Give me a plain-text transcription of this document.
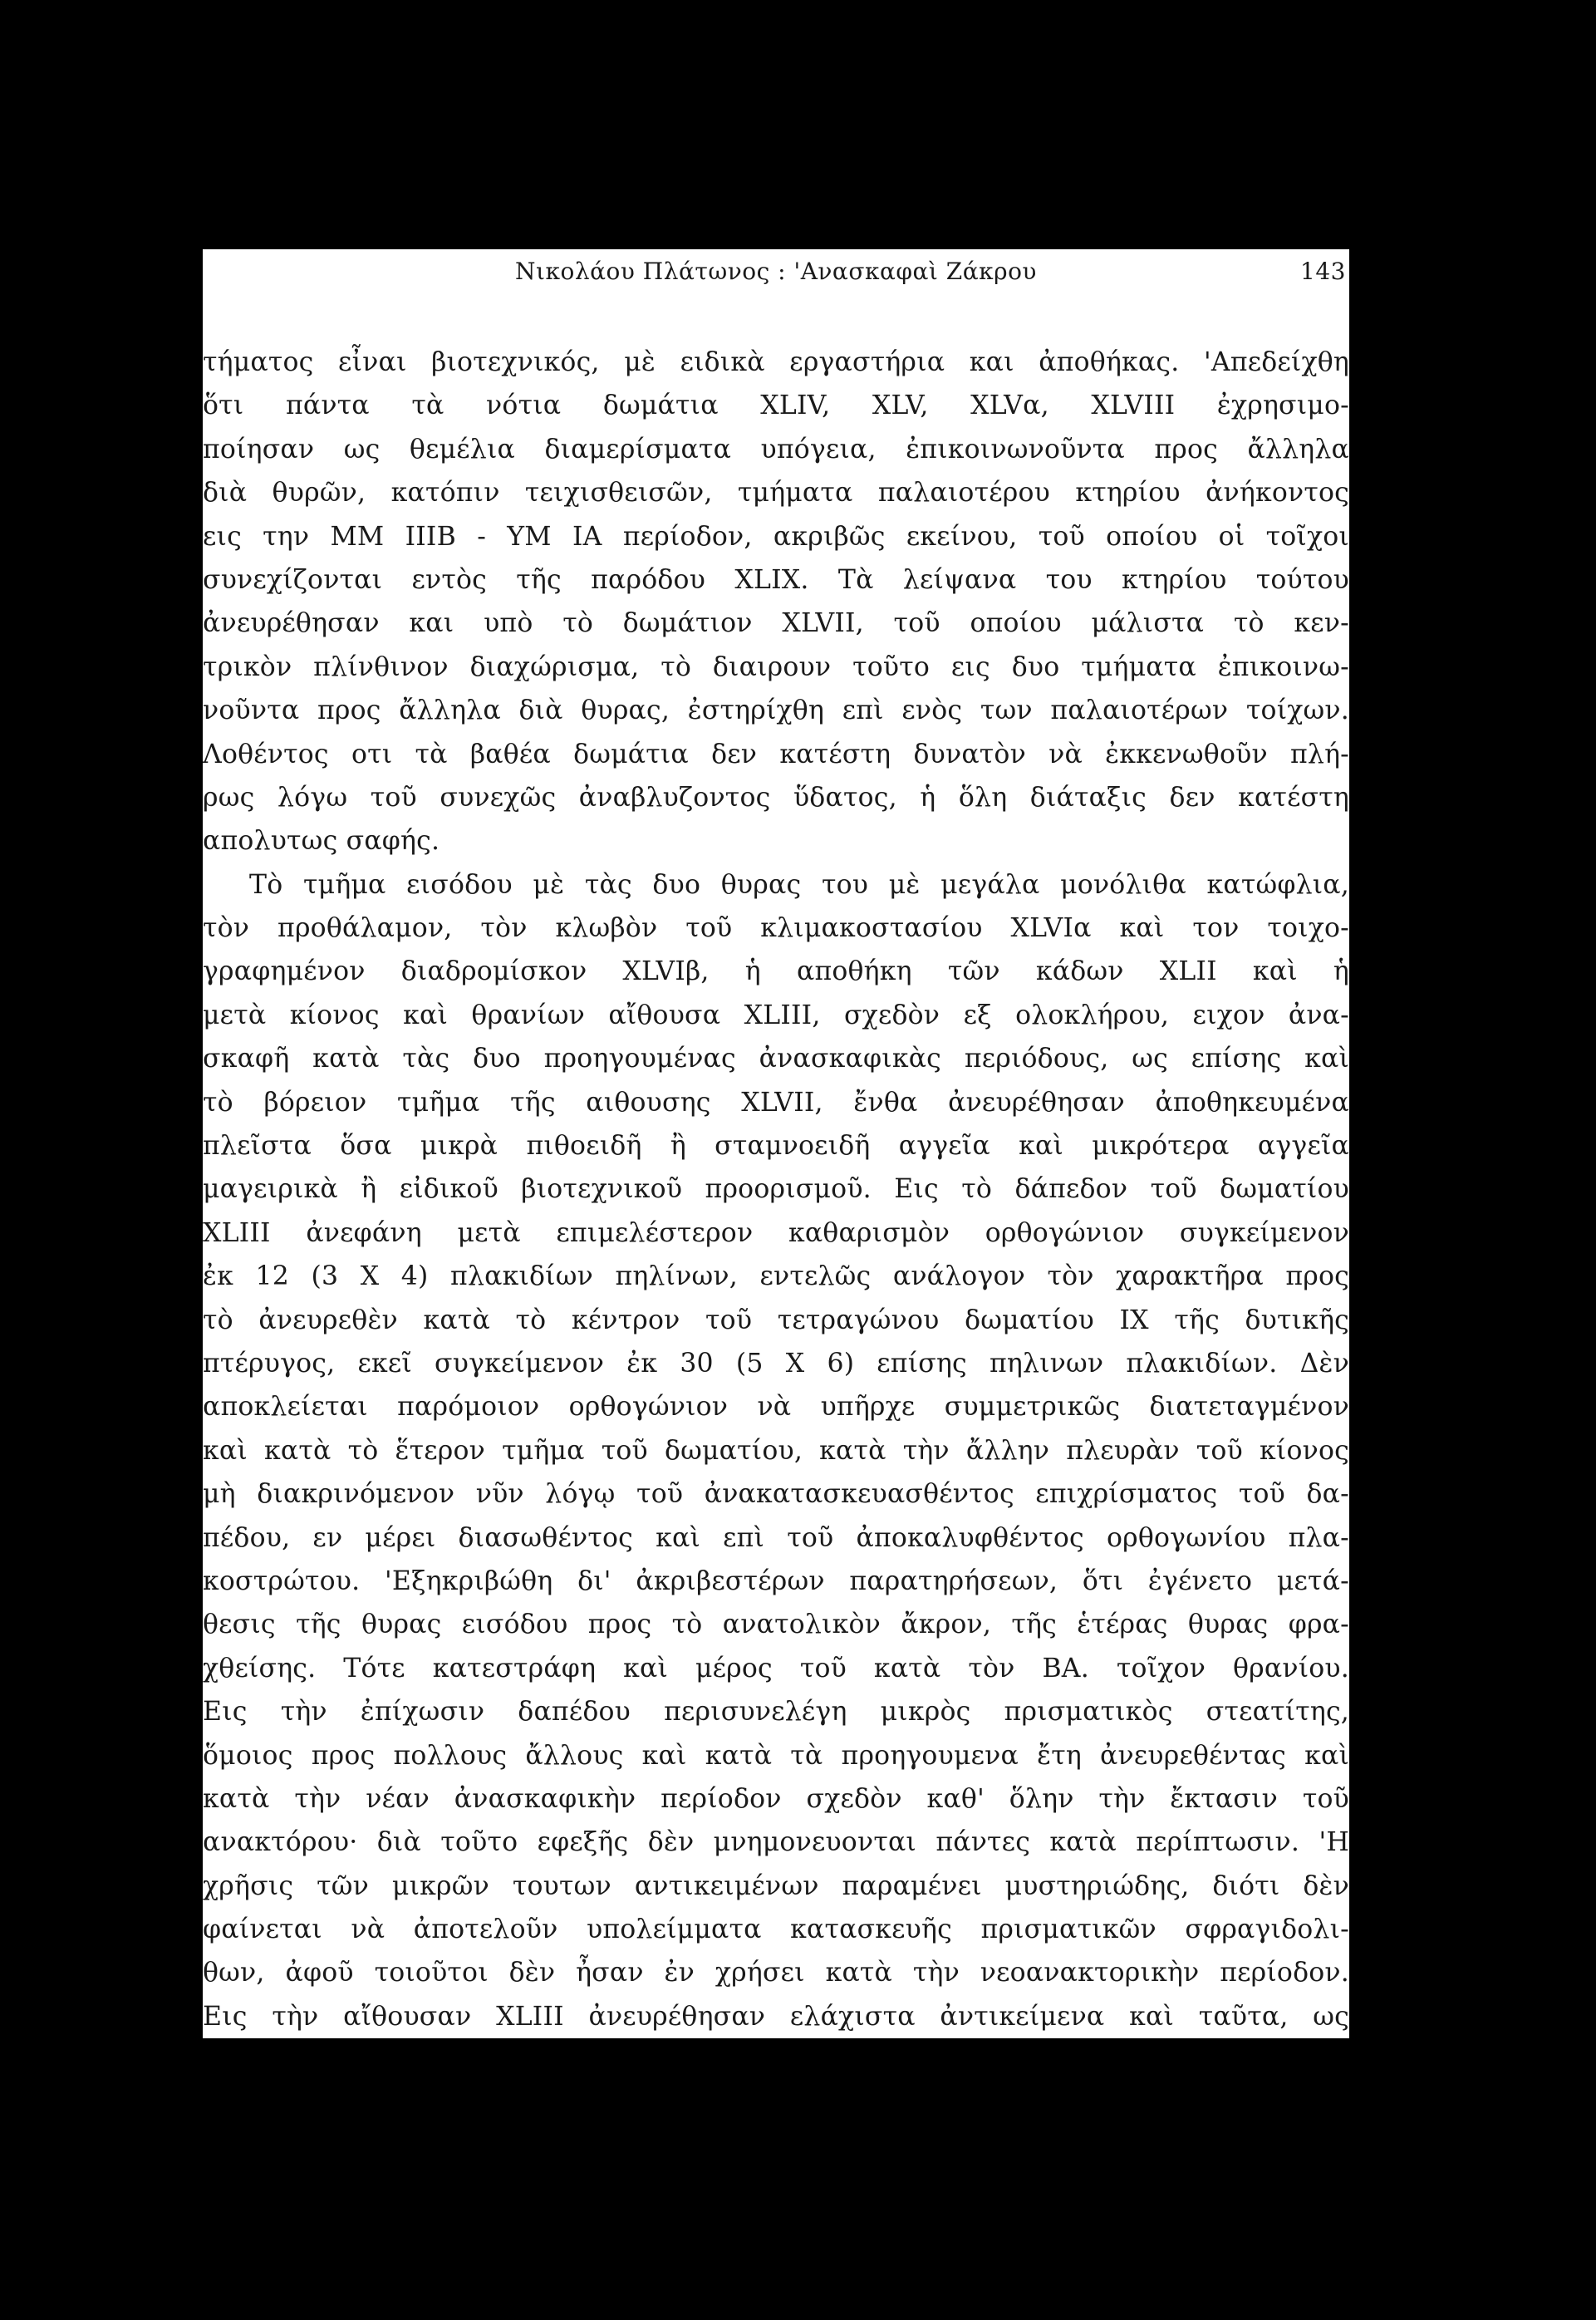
Νικολάου Πλάτωνος : 'Ανασκαφαὶ Ζάκρου	143
τήματος εἶναι βιοτεχνικός, μὲ ειδικὰ εργαστήρια και ἀποθήκας. 'Απεδείχθη
ὅτι πάντα τὰ νότια δωμάτια XLIV, XLV, XLVα, XLVIII ἐχρησιμο-
ποίησαν ως θεμέλια διαμερίσματα υπόγεια, ἐπικοινωνοῦντα προς ἄλληλα
διὰ θυρῶν, κατόπιν τειχισθεισῶν, τμήματα παλαιοτέρου κτηρίου ἀνήκοντος
εις την ΜΜ ΙΙΙΒ - ΥΜ ΙΑ περίοδον, ακριβῶς εκείνου, τοῦ οποίου οἱ τοῖχοι
συνεχίζονται εντὸς τῆς παρόδου XLIX. Τὰ λείψανα του κτηρίου τούτου
ἀνευρέθησαν και υπὸ τὸ δωμάτιον XLVII, τοῦ οποίου μάλιστα τὸ κεν-
τρικὸν πλίνθινον διαχώρισμα, τὸ διαιρουν τοῦτο εις δυο τμήματα ἐπικοινω-
νοῦντα προς ἄλληλα διὰ θυρας, ἐστηρίχθη επὶ ενὸς των παλαιοτέρων τοίχων.
Λοθέντος οτι τὰ βαθέα δωμάτια δεν κατέστη δυνατὸν νὰ ἐκκενωθοῦν πλή-
ρως λόγω τοῦ συνεχῶς ἀναβλυζοντος ὕδατος, ἡ ὅλη διάταξις δεν κατέστη
απολυτως σαφής.
Τὸ τμῆμα εισόδου μὲ τὰς δυο θυρας του μὲ μεγάλα μονόλιθα κατώφλια,
τὸν προθάλαμον, τὸν κλωβὸν τοῦ κλιμακοστασίου XLVΙα καὶ τον τοιχο-
γραφημένον διαδρομίσκον XLVΙβ, ἡ αποθήκη τῶν κάδων XLII καὶ ἡ
μετὰ κίονος καὶ θρανίων αἴθουσα XLIII, σχεδὸν εξ ολοκλήρου, ειχον ἀνα-
σκαφῆ κατὰ τὰς δυο προηγουμένας ἀνασκαφικὰς περιόδους, ως επίσης καὶ
τὸ βόρειον τμῆμα τῆς αιθουσης XLVII, ἔνθα ἀνευρέθησαν ἀποθηκευμένα
πλεῖστα ὅσα μικρὰ πιθοειδῆ ἢ σταμνοειδῆ αγγεῖα καὶ μικρότερα αγγεῖα
μαγειρικὰ ἢ εἰδικοῦ βιοτεχνικοῦ προορισμοῦ. Εις τὸ δάπεδον τοῦ δωματίου
XLIII ἀνεφάνη μετὰ επιμελέστερον καθαρισμὸν ορθογώνιον συγκείμενον
ἐκ 12 (3 X 4) πλακιδίων πηλίνων, εντελῶς ανάλογον τὸν χαρακτῆρα προς
τὸ ἀνευρεθὲν κατὰ τὸ κέντρον τοῦ τετραγώνου δωματίου ΙΧ τῆς δυτικῆς
πτέρυγος, εκεῖ συγκείμενον ἐκ 30 (5 X 6) επίσης πηλινων πλακιδίων. Δὲν
αποκλείεται παρόμοιον ορθογώνιον νὰ υπῆρχε συμμετρικῶς διατεταγμένον
καὶ κατὰ τὸ ἕτερον τμῆμα τοῦ δωματίου, κατὰ τὴν ἄλλην πλευρὰν τοῦ κίονος
μὴ διακρινόμενον νῦν λόγῳ τοῦ ἀνακατασκευασθέντος επιχρίσματος τοῦ δα-
πέδου, εν μέρει διασωθέντος καὶ επὶ τοῦ ἀποκαλυφθέντος ορθογωνίου πλα-
κοστρώτου. 'Εξηκριβώθη δι' ἀκριβεστέρων παρατηρήσεων, ὅτι ἐγένετο μετά-
θεσις τῆς θυρας εισόδου προς τὸ ανατολικὸν ἄκρον, τῆς ἑτέρας θυρας φρα-
χθείσης. Τότε κατεστράφη καὶ μέρος τοῦ κατὰ τὸν ΒΑ. τοῖχον θρανίου.
Εις τὴν ἐπίχωσιν δαπέδου περισυνελέγη μικρὸς πρισματικὸς στεατίτης,
ὅμοιος προς πολλους ἄλλους καὶ κατὰ τὰ προηγουμενα ἔτη ἀνευρεθέντας καὶ
κατὰ τὴν νέαν ἀνασκαφικὴν περίοδον σχεδὸν καθ' ὅλην τὴν ἔκτασιν τοῦ
ανακτόρου· διὰ τοῦτο εφεξῆς δὲν μνημονευονται πάντες κατὰ περίπτωσιν. 'Η
χρῆσις τῶν μικρῶν τουτων αντικειμένων παραμένει μυστηριώδης, διότι δὲν
φαίνεται νὰ ἀποτελοῦν υπολείμματα κατασκευῆς πρισματικῶν σφραγιδολι-
θων, ἀφοῦ τοιοῦτοι δὲν ἦσαν ἐν χρήσει κατὰ τὴν νεοανακτορικὴν περίοδον.
Εις τὴν αἴθουσαν XLIII ἀνευρέθησαν ελάχιστα ἀντικείμενα καὶ ταῦτα, ως
